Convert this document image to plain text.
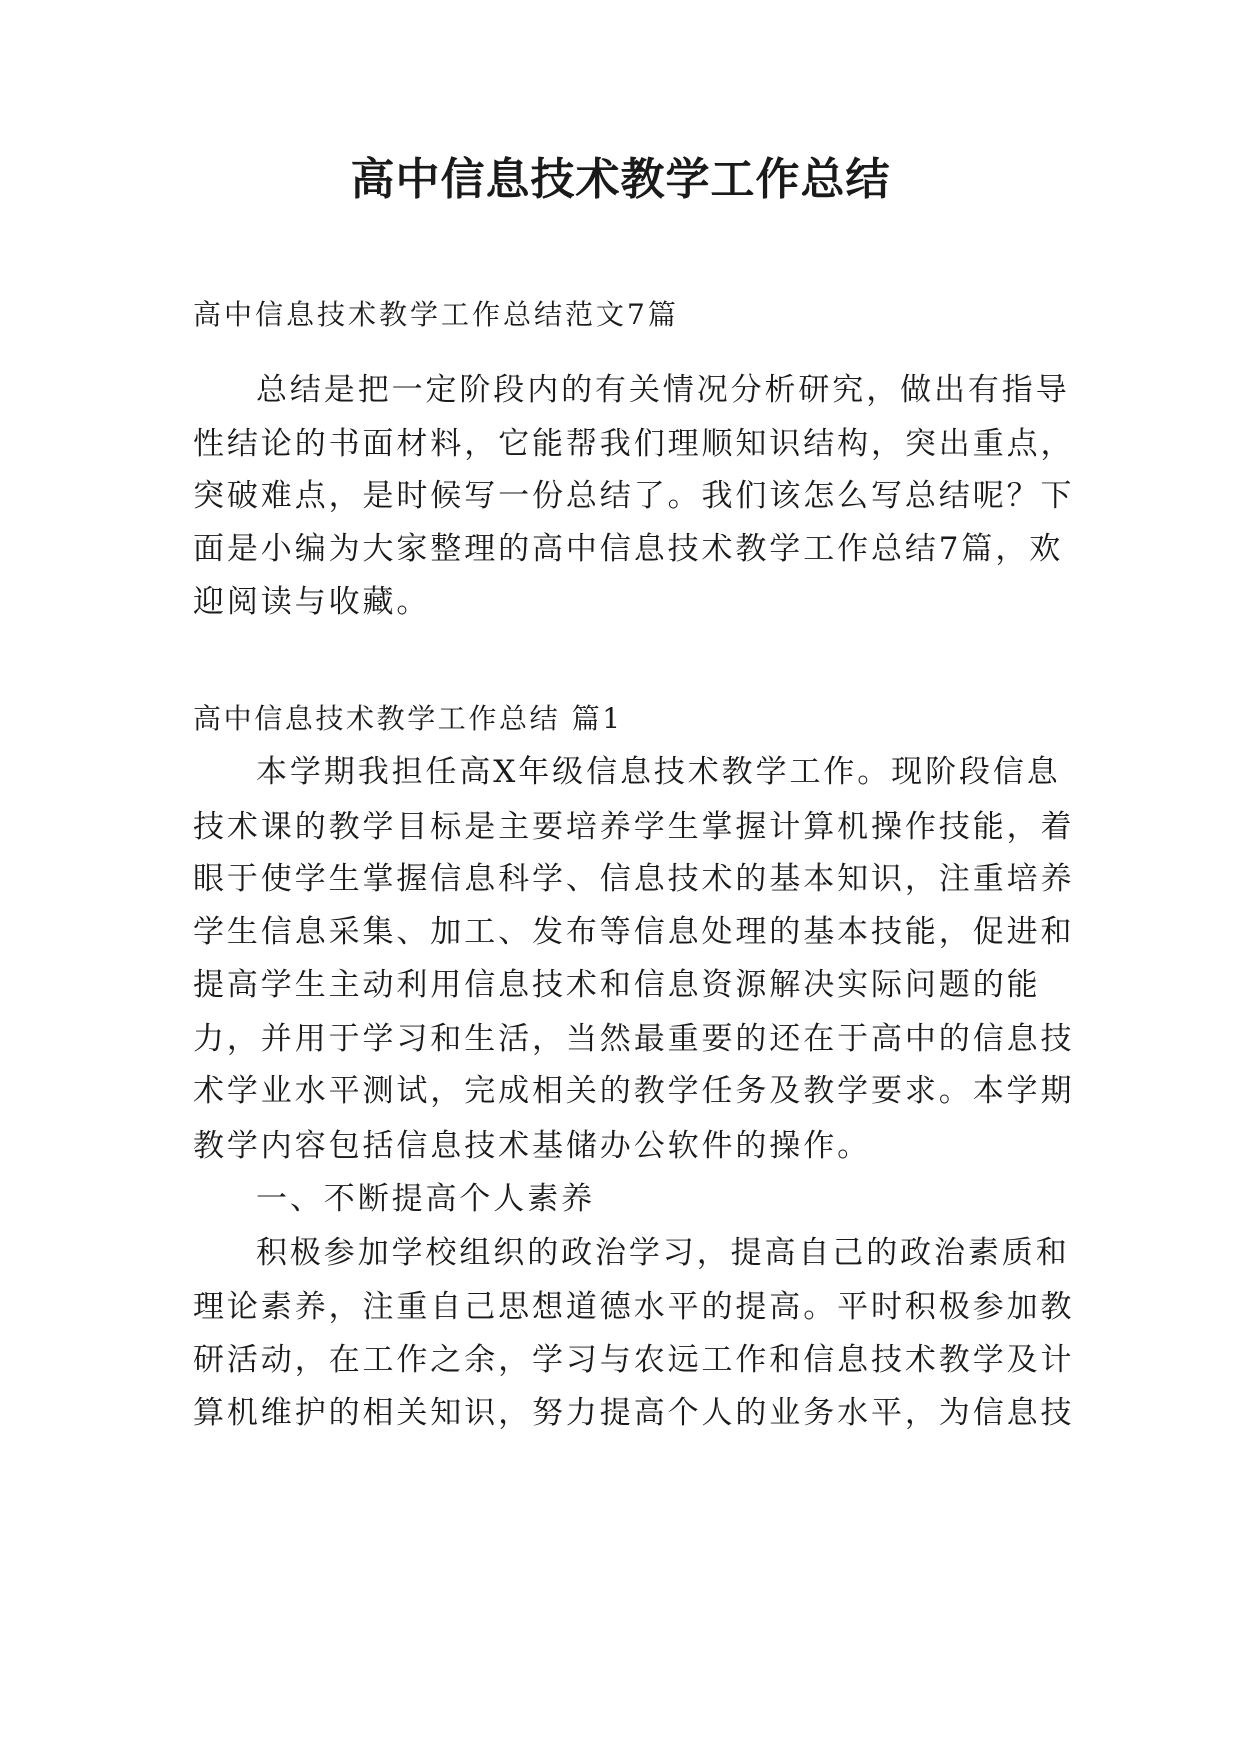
高中信息技术教学工作总结
高中信息技术教学工作总结范文7篇
总结是把一定阶段内的有关情况分析研究，做出有指导
性结论的书面材料，它能帮我们理顺知识结构，突出重点，
突破难点，是时候写一份总结了。我们该怎么写总结呢？下
面是小编为大家整理的高中信息技术教学工作总结7篇，欢
迎阅读与收藏。
高中信息技术教学工作总结 篇1
本学期我担任高X年级信息技术教学工作。现阶段信息
技术课的教学目标是主要培养学生掌握计算机操作技能，着
眼于使学生掌握信息科学、信息技术的基本知识，注重培养
学生信息采集、加工、发布等信息处理的基本技能，促进和
提高学生主动利用信息技术和信息资源解决实际问题的能
力，并用于学习和生活，当然最重要的还在于高中的信息技
术学业水平测试，完成相关的教学任务及教学要求。本学期
教学内容包括信息技术基储办公软件的操作。
一、不断提高个人素养
积极参加学校组织的政治学习，提高自己的政治素质和
理论素养，注重自己思想道德水平的提高。平时积极参加教
研活动，在工作之余，学习与农远工作和信息技术教学及计
算机维护的相关知识，努力提高个人的业务水平，为信息技
